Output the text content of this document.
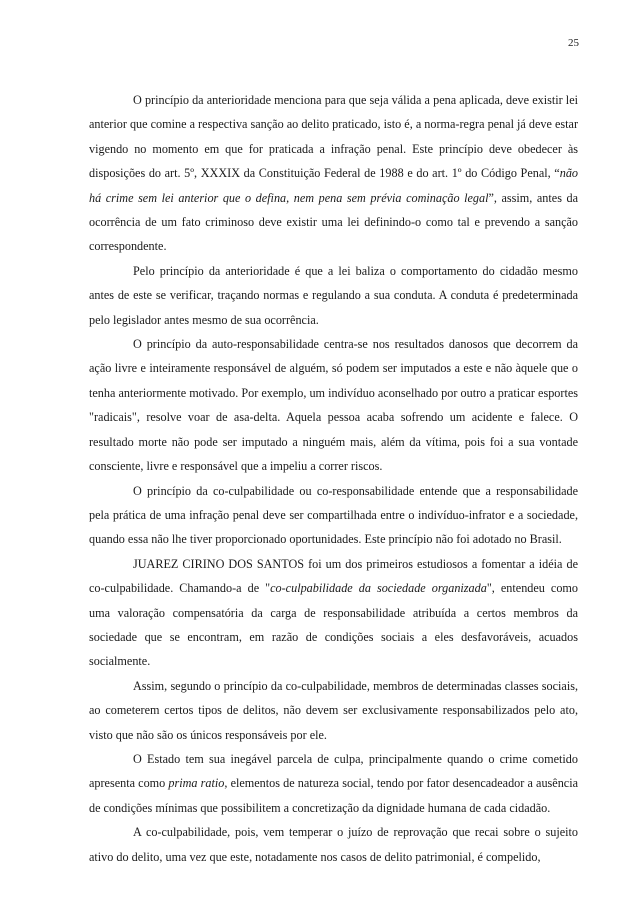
25

O princípio da anterioridade menciona para que seja válida a pena aplicada, deve existir lei anterior que comine a respectiva sanção ao delito praticado, isto é, a norma-regra penal já deve estar vigendo no momento em que for praticada a infração penal. Este princípio deve obedecer às disposições do art. 5º, XXXIX da Constituição Federal de 1988 e do art. 1º do Código Penal, “não há crime sem lei anterior que o defina, nem pena sem prévia cominação legal”, assim, antes da ocorrência de um fato criminoso deve existir uma lei definindo-o como tal e prevendo a sanção correspondente.

Pelo princípio da anterioridade é que a lei baliza o comportamento do cidadão mesmo antes de este se verificar, traçando normas e regulando a sua conduta. A conduta é predeterminada pelo legislador antes mesmo de sua ocorrência.

O princípio da auto-responsabilidade centra-se nos resultados danosos que decorrem da ação livre e inteiramente responsável de alguém, só podem ser imputados a este e não àquele que o tenha anteriormente motivado. Por exemplo, um indivíduo aconselhado por outro a praticar esportes "radicais", resolve voar de asa-delta. Aquela pessoa acaba sofrendo um acidente e falece. O resultado morte não pode ser imputado a ninguém mais, além da vítima, pois foi a sua vontade consciente, livre e responsável que a impeliu a correr riscos.

O princípio da co-culpabilidade ou co-responsabilidade entende que a responsabilidade pela prática de uma infração penal deve ser compartilhada entre o indivíduo-infrator e a sociedade, quando essa não lhe tiver proporcionado oportunidades. Este princípio não foi adotado no Brasil.

JUAREZ CIRINO DOS SANTOS foi um dos primeiros estudiosos a fomentar a idéia de co-culpabilidade. Chamando-a de "co-culpabilidade da sociedade organizada", entendeu como uma valoração compensatória da carga de responsabilidade atribuída a certos membros da sociedade que se encontram, em razão de condições sociais a eles desfavoráveis, acuados socialmente.

Assim, segundo o princípio da co-culpabilidade, membros de determinadas classes sociais, ao cometerem certos tipos de delitos, não devem ser exclusivamente responsabilizados pelo ato, visto que não são os únicos responsáveis por ele.

O Estado tem sua inegável parcela de culpa, principalmente quando o crime cometido apresenta como prima ratio, elementos de natureza social, tendo por fator desencadeador a ausência de condições mínimas que possibilitem a concretização da dignidade humana de cada cidadão.

A co-culpabilidade, pois, vem temperar o juízo de reprovação que recai sobre o sujeito ativo do delito, uma vez que este, notadamente nos casos de delito patrimonial, é compelido,
